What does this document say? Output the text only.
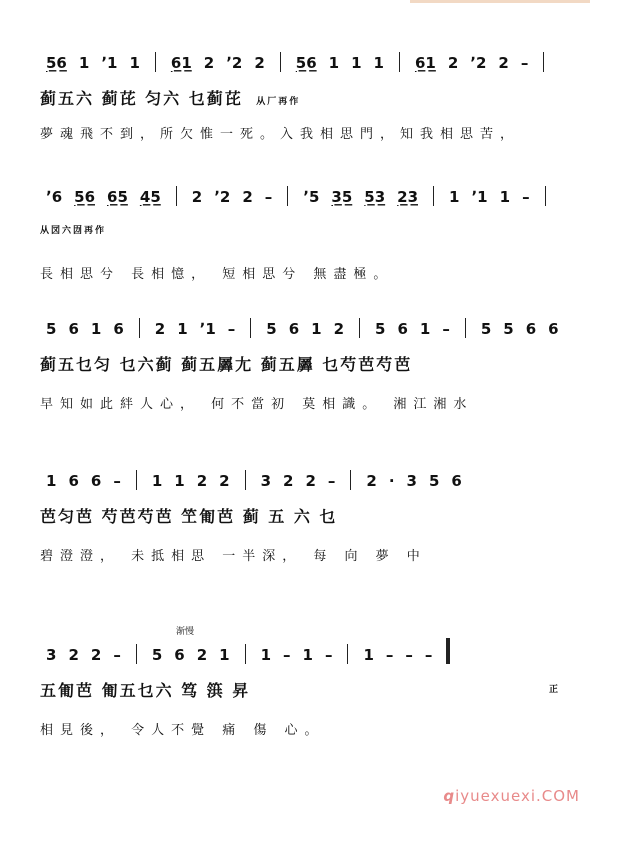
5̲6̲ 1 ʼ1 1 6̲1̲ 2 ʼ2 2 5̲6̲ 1 1 1 6̲1̲ 2 ʼ2 2 –
蓟五六 蓟芘 匀六 乜蓟芘 从厂再作
夢魂飛不到，所欠惟一死。入我相思門，知我相思苦，
ʼ6 5̲6̲ 6̲5̲ 4̲5̲ 2 ʼ2 2 – ʼ5 3̲5̲ 5̲3̲ 2̲3̲ 1 ʼ1 1 –
从㘝六㘞再作
長相思兮 長相憶， 短相思兮 無盡極。
5 6 1 6 2 1 ʼ1 – 5 6 1 2 5 6 1 – 5 5 6 6
蓟五乜匀 乜六蓟 蓟五羼尢 蓟五羼 乜芍芭芍芭
早知如此絆人心， 何不當初 莫相識。 湘江湘水
1 6 6 – 1 1 2 2 3 2 2 – 2 · 3 5 6
芭匀芭 芍芭芍芭 笁匍芭 蓟 五 六 乜
碧澄澄， 未抵相思 一半深， 每 向 夢 中
渐慢
3 2 2 – 5 6 2 1 1 – 1 – 1 – – –
五匍芭 匍五乜六 笃 篊 昇	正
相見後， 令人不覺 痛 傷 心。
qiyuexuexi.COM
